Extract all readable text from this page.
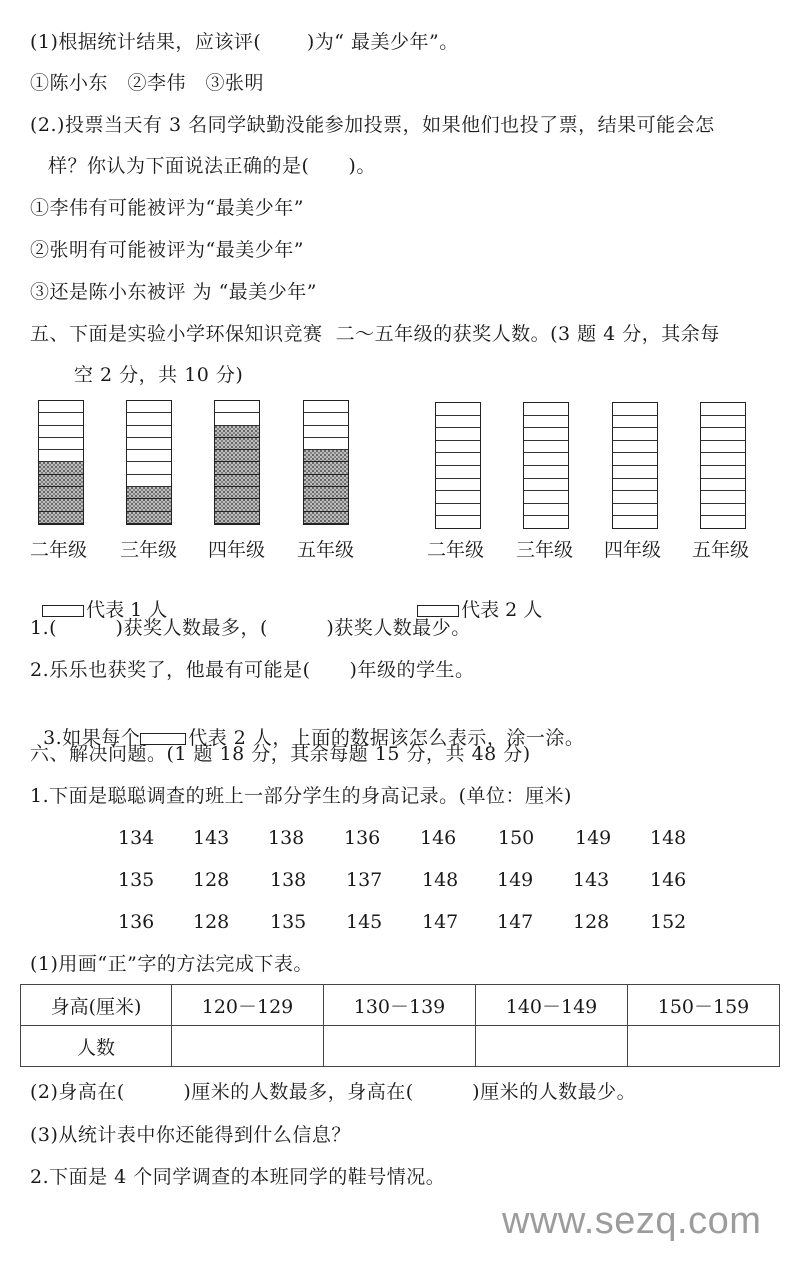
(1)根据统计结果，应该评(　　 )为“ 最美少年”。
①陈小东　②李伟　③张明
(2.)投票当天有 3 名同学缺勤没能参加投票，如果他们也投了票，结果可能会怎
样？你认为下面说法正确的是(　　)。
①李伟有可能被评为“最美少年”
②张明有可能被评为“最美少年”
③还是陈小东被评 为 “最美少年”
五、下面是实验小学环保知识竞赛  二～五年级的获奖人数。(3 题 4 分，其余每
空 2 分，共 10 分)
二年级 三年级 四年级 五年级	二年级 三年级 四年级 五年级

代表 1 人	代表 2 人

1.(　　　)获奖人数最多，(　　　)获奖人数最少。
2.乐乐也获奖了，他最有可能是(　　)年级的学生。

3.如果每个	代表 2 人，上面的数据该怎么表示，涂一涂。

六、解决问题。(1 题 18 分，其余每题 15 分，共 48 分)
1.下面是聪聪调查的班上一部分学生的身高记录。(单位：厘米)
134	143	138	136	146	150	149	148
135	128	138	137	148	149	143	146
136	128	135	145	147	147	128	152
(1)用画“正”字的方法完成下表。
身高(厘米)	120－129	130－139	140－149	150－159
人数				
(2)身高在(　　　)厘米的人数最多，身高在(　　　)厘米的人数最少。
(3)从统计表中你还能得到什么信息？
2.下面是 4 个同学调查的本班同学的鞋号情况。
www.sezq.com
